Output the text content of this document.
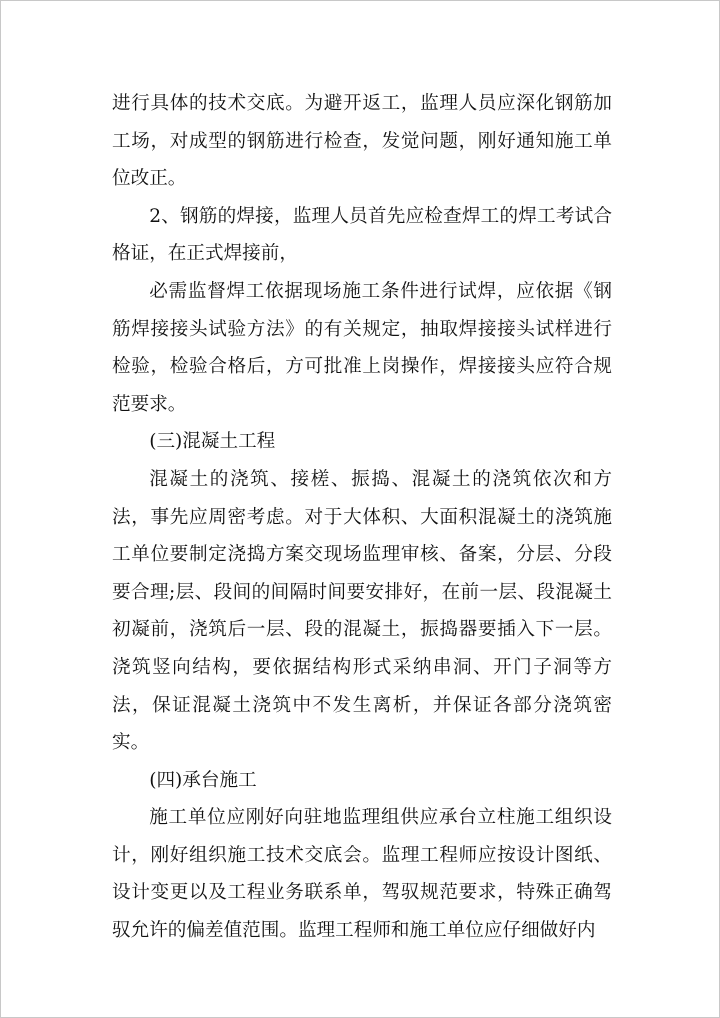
进行具体的技术交底。为避开返工，监理人员应深化钢筋加工场，对成型的钢筋进行检查，发觉问题，刚好通知施工单位改正。

2、钢筋的焊接，监理人员首先应检查焊工的焊工考试合格证，在正式焊接前，

必需监督焊工依据现场施工条件进行试焊，应依据《钢筋焊接接头试验方法》的有关规定，抽取焊接接头试样进行检验，检验合格后，方可批准上岗操作，焊接接头应符合规范要求。

(三)混凝土工程

混凝土的浇筑、接槎、振捣、混凝土的浇筑依次和方法，事先应周密考虑。对于大体积、大面积混凝土的浇筑施工单位要制定浇捣方案交现场监理审核、备案，分层、分段要合理;层、段间的间隔时间要安排好，在前一层、段混凝土初凝前，浇筑后一层、段的混凝土，振捣器要插入下一层。浇筑竖向结构，要依据结构形式采纳串洞、开门子洞等方法，保证混凝土浇筑中不发生离析，并保证各部分浇筑密实。

(四)承台施工

施工单位应刚好向驻地监理组供应承台立柱施工组织设计，刚好组织施工技术交底会。监理工程师应按设计图纸、设计变更以及工程业务联系单，驾驭规范要求，特殊正确驾驭允许的偏差值范围。监理工程师和施工单位应仔细做好内
